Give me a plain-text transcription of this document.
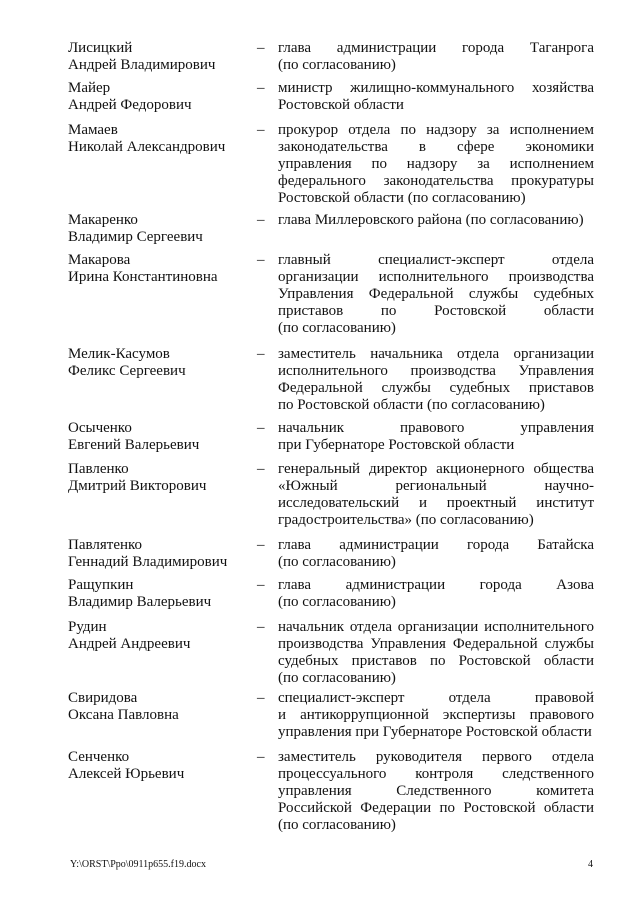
Лисицкий
Андрей Владимирович
– глава администрации города Таганрога
(по согласованию)
Майер
Андрей Федорович
– министр жилищно-коммунального хозяйства
Ростовской области
Мамаев
Николай Александрович
– прокурор отдела по надзору за исполнением
законодательства в сфере экономики
управления по надзору за исполнением
федерального законодательства прокуратуры
Ростовской области (по согласованию)
Макаренко
Владимир Сергеевич
– глава Миллеровского района (по согласованию)
Макарова
Ирина Константиновна
– главный специалист-эксперт отдела
организации исполнительного производства
Управления Федеральной службы судебных
приставов по Ростовской области
(по согласованию)
Мелик-Касумов
Феликс Сергеевич
– заместитель начальника отдела организации
исполнительного производства Управления
Федеральной службы судебных приставов
по Ростовской области (по согласованию)
Осыченко
Евгений Валерьевич
– начальник правового управления
при Губернаторе Ростовской области
Павленко
Дмитрий Викторович
– генеральный директор акционерного общества
«Южный региональный научно-
исследовательский и проектный институт
градостроительства» (по согласованию)
Павлятенко
Геннадий Владимирович
– глава администрации города Батайска
(по согласованию)
Ращупкин
Владимир Валерьевич
– глава администрации города Азова
(по согласованию)
Рудин
Андрей Андреевич
– начальник отдела организации исполнительного
производства Управления Федеральной службы
судебных приставов по Ростовской области
(по согласованию)
Свиридова
Оксана Павловна
– специалист-эксперт отдела правовой
и антикоррупционной экспертизы правового
управления при Губернаторе Ростовской области
Сенченко
Алексей Юрьевич
– заместитель руководителя первого отдела
процессуального контроля следственного
управления Следственного комитета
Российской Федерации по Ростовской области
(по согласованию)
Y:\ORST\Ppo\0911p655.f19.docx	4
